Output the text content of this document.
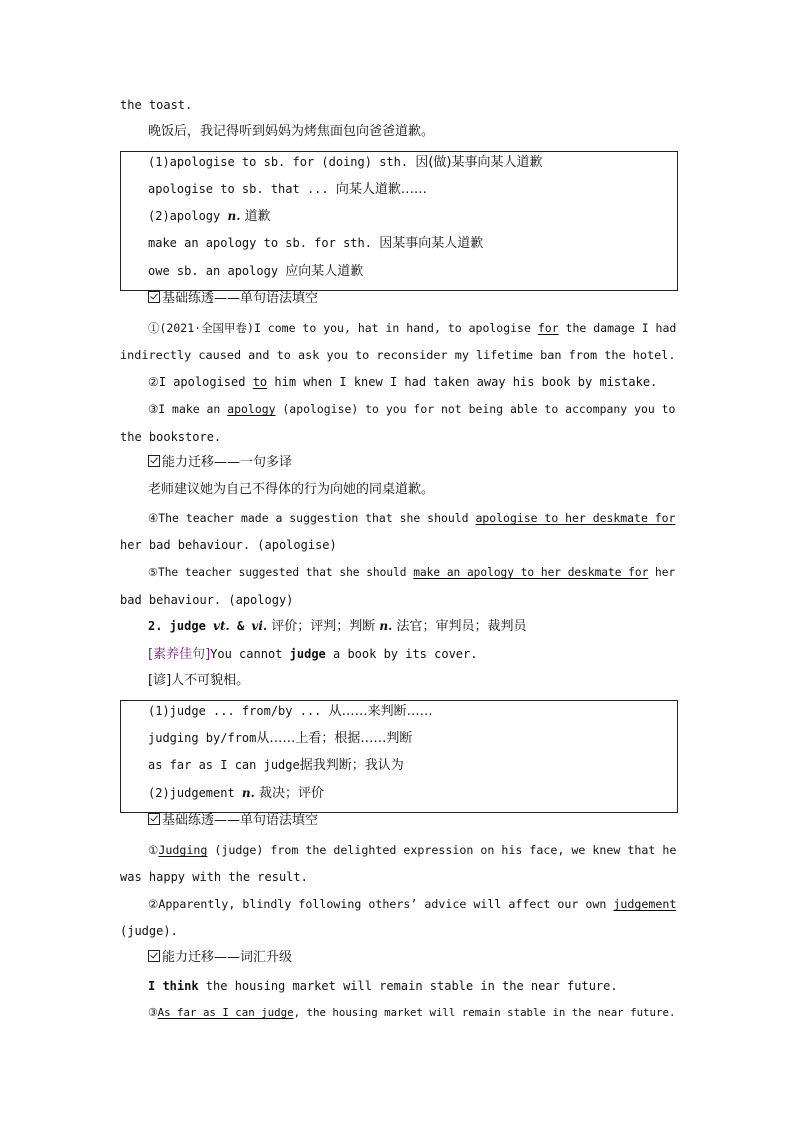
the toast.
晚饭后，我记得听到妈妈为烤焦面包向爸爸道歉。
(1)apologise to sb. for (doing) sth. 因(做)某事向某人道歉
apologise to sb. that ... 向某人道歉……
(2)apology n. 道歉
make an apology to sb. for sth. 因某事向某人道歉
owe sb. an apology 应向某人道歉
基础练透——单句语法填空
①(2021·全国甲卷)I come to you, hat in hand, to apologise for the damage I had
indirectly caused and to ask you to reconsider my lifetime ban from the hotel.
②I apologised to him when I knew I had taken away his book by mistake.
③I make an apology (apologise) to you for not being able to accompany you to
the bookstore.
能力迁移——一句多译
老师建议她为自己不得体的行为向她的同桌道歉。
④The teacher made a suggestion that she should apologise to her deskmate for
her bad behaviour. (apologise)
⑤The teacher suggested that she should make an apology to her deskmate for her
bad behaviour. (apology)
2. judge vt. & vi. 评价；评判；判断 n. 法官；审判员；裁判员
[素养佳句]You cannot judge a book by its cover.
[谚]人不可貌相。
(1)judge ... from/by ... 从……来判断……
judging by/from从……上看；根据……判断
as far as I can judge据我判断；我认为
(2)judgement n. 裁决；评价
基础练透——单句语法填空
①Judging (judge) from the delighted expression on his face, we knew that he
was happy with the result.
②Apparently, blindly following others’ advice will affect our own judgement
(judge).
能力迁移——词汇升级
I think the housing market will remain stable in the near future.
③As far as I can judge, the housing market will remain stable in the near future.
